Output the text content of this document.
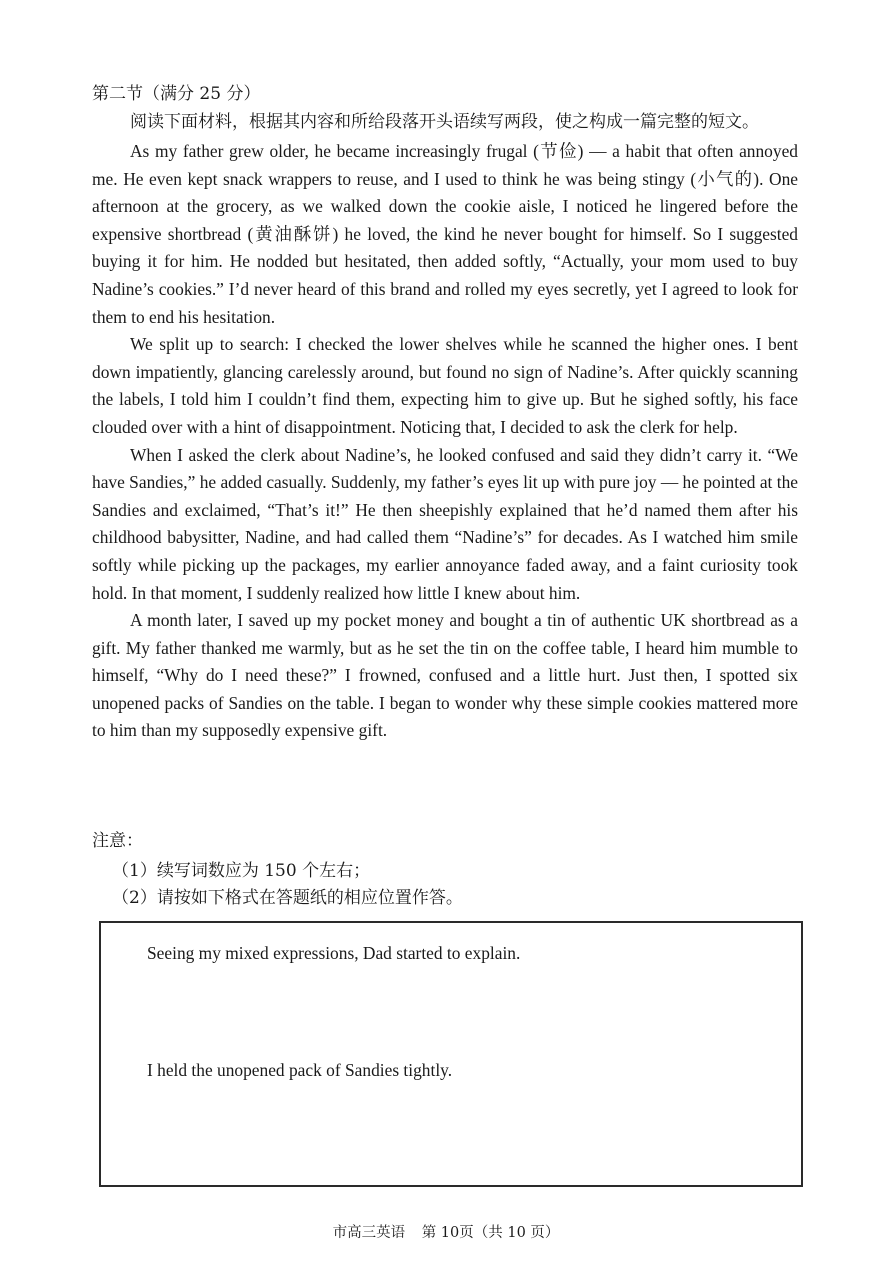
第二节（满分 25 分）
阅读下面材料，根据其内容和所给段落开头语续写两段，使之构成一篇完整的短文。

As my father grew older, he became increasingly frugal (节俭) — a habit that often annoyed me. He even kept snack wrappers to reuse, and I used to think he was being stingy (小气的). One afternoon at the grocery, as we walked down the cookie aisle, I noticed he lingered before the expensive shortbread (黄油酥饼) he loved, the kind he never bought for himself. So I suggested buying it for him. He nodded but hesitated, then added softly, “Actually, your mom used to buy Nadine’s cookies.” I’d never heard of this brand and rolled my eyes secretly, yet I agreed to look for them to end his hesitation.

We split up to search: I checked the lower shelves while he scanned the higher ones. I bent down impatiently, glancing carelessly around, but found no sign of Nadine’s. After quickly scanning the labels, I told him I couldn’t find them, expecting him to give up. But he sighed softly, his face clouded over with a hint of disappointment. Noticing that, I decided to ask the clerk for help.

When I asked the clerk about Nadine’s, he looked confused and said they didn’t carry it. “We have Sandies,” he added casually. Suddenly, my father’s eyes lit up with pure joy — he pointed at the Sandies and exclaimed, “That’s it!” He then sheepishly explained that he’d named them after his childhood babysitter, Nadine, and had called them “Nadine’s” for decades. As I watched him smile softly while picking up the packages, my earlier annoyance faded away, and a faint curiosity took hold. In that moment, I suddenly realized how little I knew about him.

A month later, I saved up my pocket money and bought a tin of authentic UK shortbread as a gift. My father thanked me warmly, but as he set the tin on the coffee table, I heard him mumble to himself, “Why do I need these?” I frowned, confused and a little hurt. Just then, I spotted six unopened packs of Sandies on the table. I began to wonder why these simple cookies mattered more to him than my supposedly expensive gift.

注意：
（1）续写词数应为 150 个左右；
（2）请按如下格式在答题纸的相应位置作答。
Seeing my mixed expressions, Dad started to explain.
I held the unopened pack of Sandies tightly.
市高三英语 第 10页（共 10 页）
